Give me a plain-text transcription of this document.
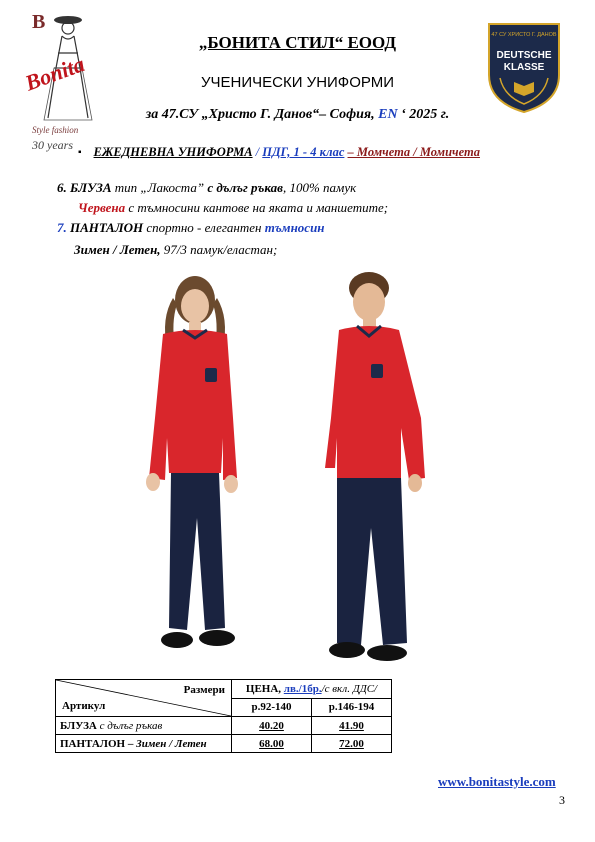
B
Bonita
Style fashion
30 years
47 СУ ХРИСТО Г. ДАНОВ
DEUTSCHE
KLASSE
„БОНИТА СТИЛ“ ЕООД
УЧЕНИЧЕСКИ УНИФОРМИ
за 47.СУ „Христо Г. Данов“– София, EN ‘ 2025 г.
▪ ЕЖЕДНЕВНА УНИФОРМА / ПДГ, 1 - 4 клас – Момчета / Момичета
6. БЛУЗА тип „Лакоста” с дълъг ръкав, 100% памук
Червена с тъмносини кантове на яката и маншетите;
7. ПАНТАЛОН спортно - елегантен тъмносин
Зимен / Летен, 97/3 памук/еластан;
Размери
Артикул	ЦЕНА, лв./1бр./с вкл. ДДС/	
	р.92-140	р.146-194
БЛУЗА с дълъг ръкав	40.20	41.90
ПАНТАЛОН – Зимен / Летен	68.00	72.00
www.bonitastyle.com
3
